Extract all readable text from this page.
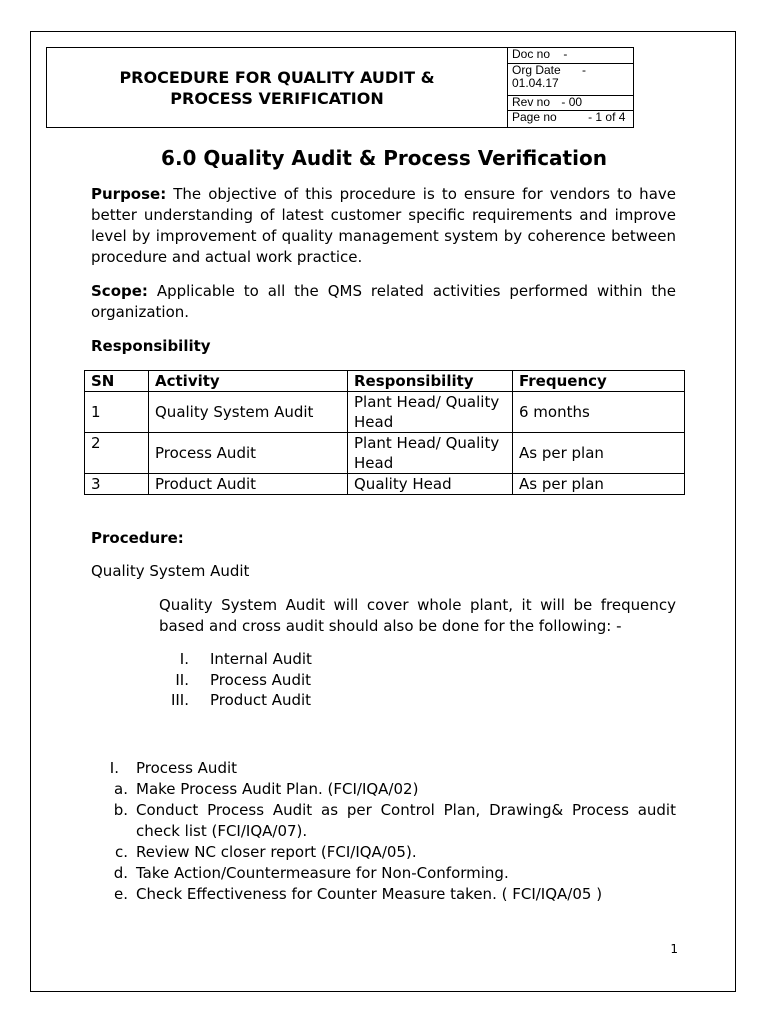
PROCEDURE FOR QUALITY AUDIT &
PROCESS VERIFICATION
Doc no -
Org Date -
01.04.17
Rev no - 00
Page no	- 1 of 4
6.0 Quality Audit & Process Verification
Purpose: The objective of this procedure is to ensure for vendors to have better understanding of latest customer specific requirements and improve level by improvement of quality management system by coherence between procedure and actual work practice.
Scope: Applicable to all the QMS related activities performed within the organization.
Responsibility
SN	Activity	Responsibility	Frequency
1	Quality System Audit	Plant Head/ Quality Head	6 months
2	Process Audit	Plant Head/ Quality Head	As per plan
3	Product Audit	Quality Head	As per plan
Procedure:
Quality System Audit
Quality System Audit will cover whole plant, it will be frequency based and cross audit should also be done for the following: -
I.	Internal Audit
II.	Process Audit
III.	Product Audit
I.	Process Audit
a. Make Process Audit Plan. (FCI/IQA/02)
b. Conduct Process Audit as per Control Plan, Drawing& Process audit check list (FCI/IQA/07).
c. Review NC closer report (FCI/IQA/05).
d. Take Action/Countermeasure for Non-Conforming.
e. Check Effectiveness for Counter Measure taken. ( FCI/IQA/05 )
1
